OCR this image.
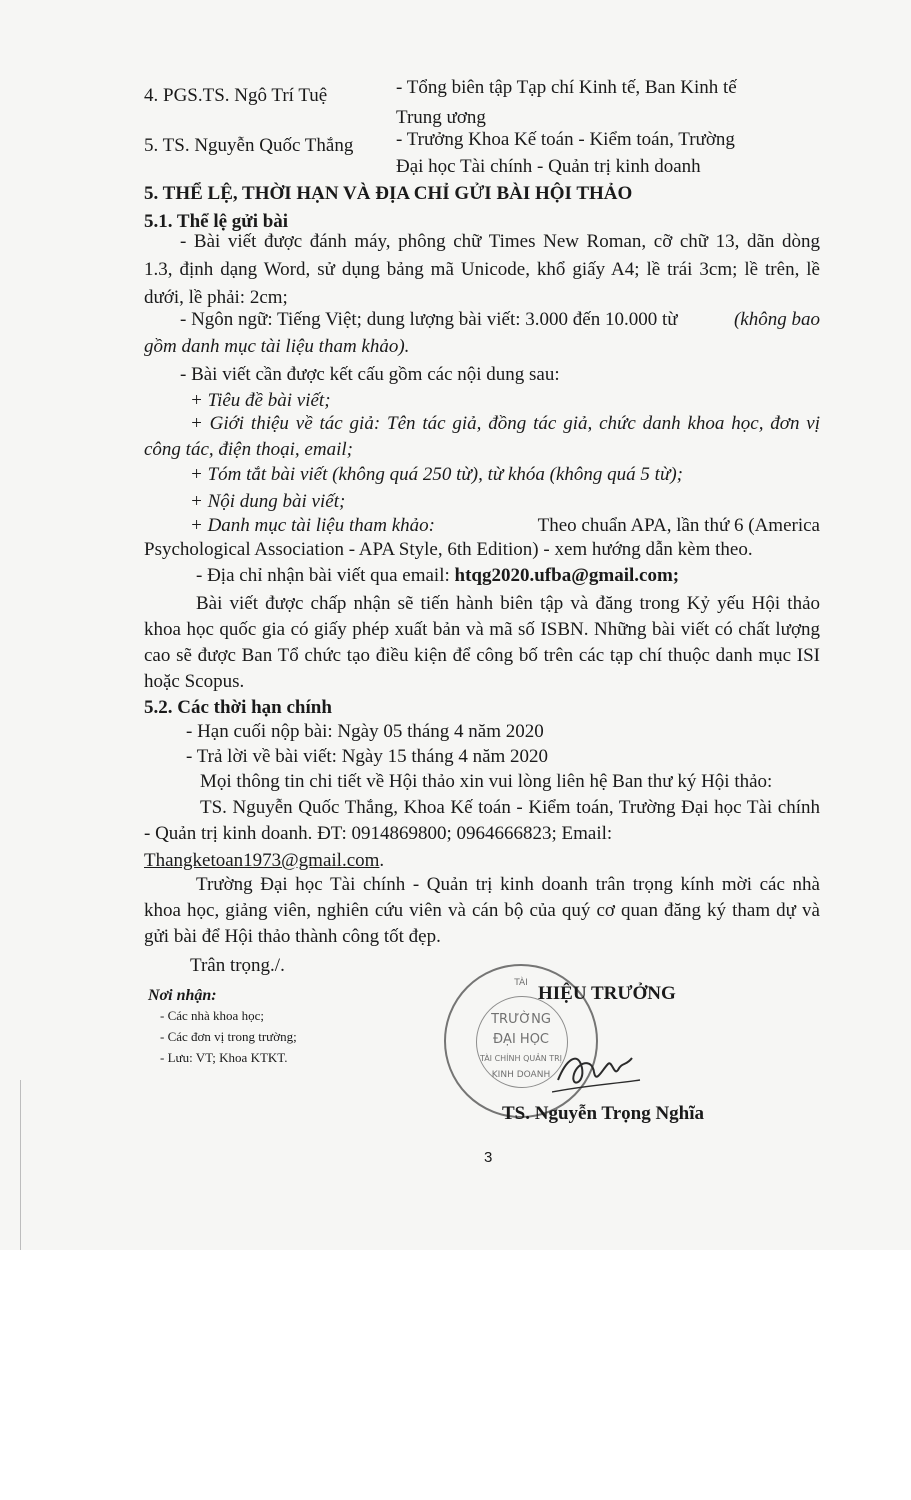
4. PGS.TS. Ngô Trí Tuệ	- Tổng biên tập Tạp chí Kinh tế, Ban Kinh tế
Trung ương
5. TS. Nguyễn Quốc Thắng - Trưởng Khoa Kế toán - Kiểm toán, Trường
Đại học Tài chính - Quản trị kinh doanh
5. THỂ LỆ, THỜI HẠN VÀ ĐỊA CHỈ GỬI BÀI HỘI THẢO
5.1. Thể lệ gửi bài
- Bài viết được đánh máy, phông chữ Times New Roman, cỡ chữ 13, dãn dòng
1.3, định dạng Word, sử dụng bảng mã Unicode, khổ giấy A4; lề trái 3cm; lề trên, lề
dưới, lề phải: 2cm;
- Ngôn ngữ: Tiếng Việt; dung lượng bài viết: 3.000 đến 10.000 từ	(không bao
gồm danh mục tài liệu tham khảo).
- Bài viết cần được kết cấu gồm các nội dung sau:
+ Tiêu đề bài viết;
+ Giới thiệu về tác giả: Tên tác giả, đồng tác giả, chức danh khoa học, đơn vị
công tác, điện thoại, email;
+ Tóm tắt bài viết (không quá 250 từ), từ khóa (không quá 5 từ);
+ Nội dung bài viết;
+ Danh mục tài liệu tham khảo:	Theo chuẩn APA, lần thứ 6 (America
Psychological Association - APA Style, 6th Edition) - xem hướng dẫn kèm theo.
- Địa chỉ nhận bài viết qua email: htqg2020.ufba@gmail.com;
Bài viết được chấp nhận sẽ tiến hành biên tập và đăng trong Kỷ yếu Hội thảo
khoa học quốc gia có giấy phép xuất bản và mã số ISBN. Những bài viết có chất lượng
cao sẽ được Ban Tổ chức tạo điều kiện để công bố trên các tạp chí thuộc danh mục ISI
hoặc Scopus.
5.2. Các thời hạn chính
- Hạn cuối nộp bài: Ngày 05 tháng 4 năm 2020
- Trả lời về bài viết: Ngày 15 tháng 4 năm 2020
Mọi thông tin chi tiết về Hội thảo xin vui lòng liên hệ Ban thư ký Hội thảo:
TS. Nguyễn Quốc Thắng, Khoa Kế toán - Kiểm toán, Trường Đại học Tài chính
- Quản trị kinh doanh. ĐT: 0914869800; 0964666823; Email:
Thangketoan1973@gmail.com.
Trường Đại học Tài chính - Quản trị kinh doanh trân trọng kính mời các nhà
khoa học, giảng viên, nghiên cứu viên và cán bộ của quý cơ quan đăng ký tham dự và
gửi bài để Hội thảo thành công tốt đẹp.
Trân trọng./.
Nơi nhận:
- Các nhà khoa học;
- Các đơn vị trong trường;
- Lưu: VT; Khoa KTKT.
TÀI
TRƯỜNG
ĐẠI HỌC
TÀI CHÍNH QUẢN TRỊ
KINH DOANH
HIỆU TRƯỞNG
TS. Nguyễn Trọng Nghĩa
3
